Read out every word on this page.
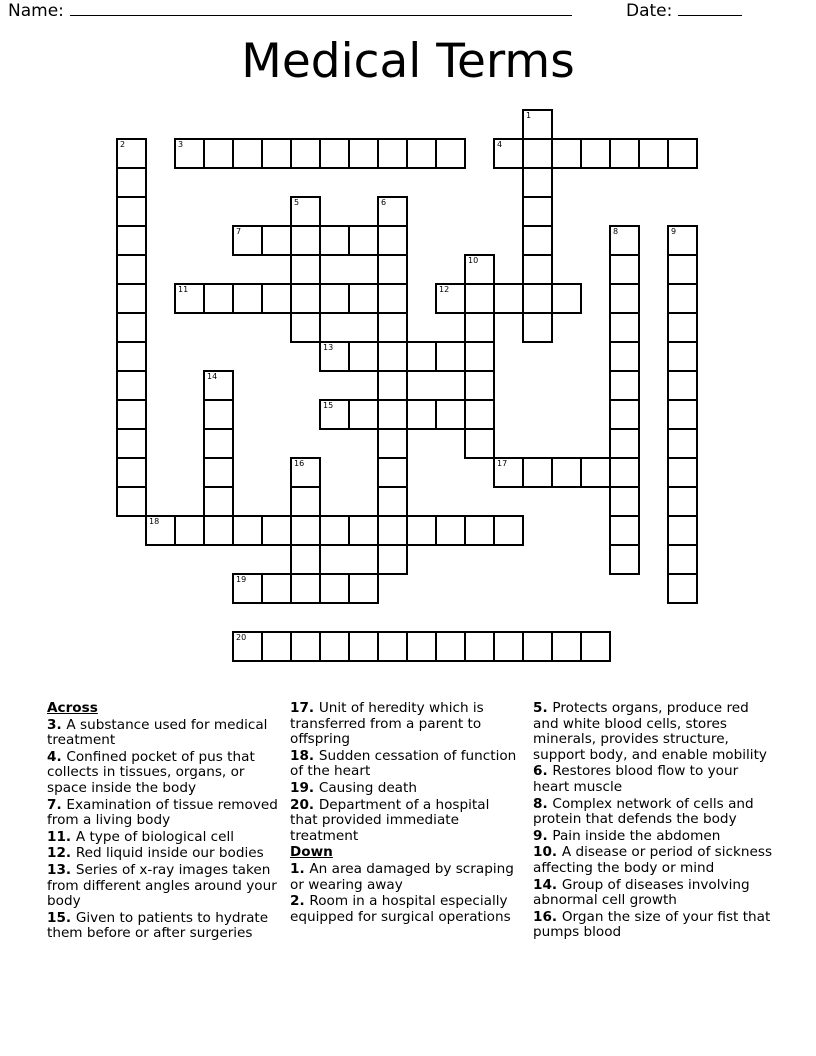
Name:	Date:
Medical Terms
1
2	3	4
5	6
7	8	9
10
11	12
13
14
15
16	17
18
19
20
Across
3. A substance used for medical treatment
4. Confined pocket of pus that collects in tissues, organs, or space inside the body
7. Examination of tissue removed from a living body
11. A type of biological cell
12. Red liquid inside our bodies
13. Series of x-ray images taken from different angles around your body
15. Given to patients to hydrate them before or after surgeries
17. Unit of heredity which is transferred from a parent to offspring
18. Sudden cessation of function of the heart
19. Causing death
20. Department of a hospital that provided immediate treatment
Down
1. An area damaged by scraping or wearing away
2. Room in a hospital especially equipped for surgical operations
5. Protects organs, produce red and white blood cells, stores minerals, provides structure, support body, and enable mobility
6. Restores blood flow to your heart muscle
8. Complex network of cells and protein that defends the body
9. Pain inside the abdomen
10. A disease or period of sickness affecting the body or mind
14. Group of diseases involving abnormal cell growth
16. Organ the size of your fist that pumps blood
